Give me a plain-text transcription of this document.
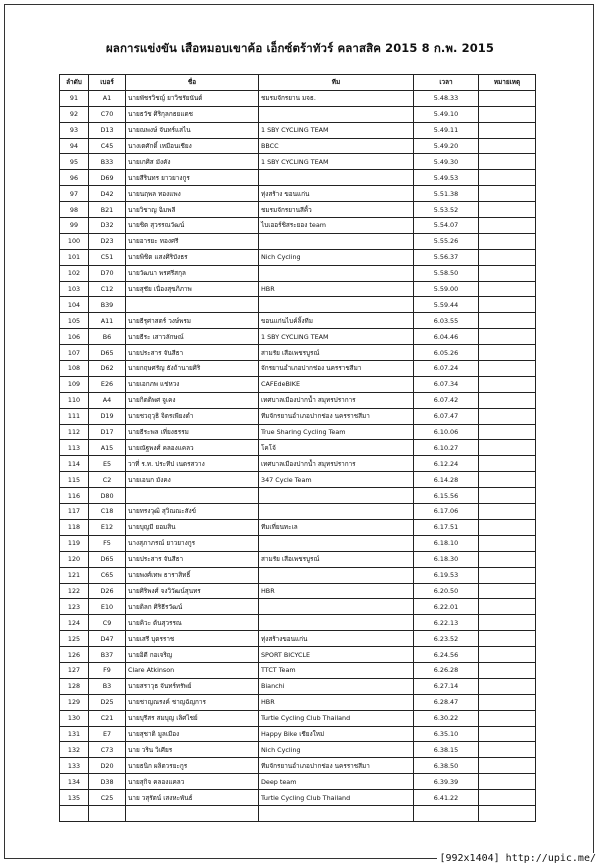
ผลการแข่งขัน เสือหมอบเขาค้อ เอ็กซ์ตร้าทัวร์ คลาสสิค 2015 8 ก.พ. 2015
ลำดับ	เบอร์	ชื่อ	ทีม	เวลา	หมายเหตุ
91	A1	นายพัชรวิชญ์ ยาวิชรัยนันต์	ชมรมจักรยาน มจธ.	5.48.33	
92	C70	นายธวัช ศิริกุลกธยแดช		5.49.10	
93	D13	นายณพงษ์ จันทร์แสไน	1 SBY CYCLING TEAM	5.49.11	
94	C45	นางเตศักดิ์ เหมือนเชียง	BBCC	5.49.20	
95	B33	นายเกศิส มังคัง	1 SBY CYCLING TEAM	5.49.30	
96	D69	นายสีรินทร ยาวยางกูร		5.49.53	
97	D42	นายนฤพล ทองแพง	ทุ่งสร้าง ขอนแก่น	5.51.38	
98	B21	นายวิชาญ ฉิมพลี	ชมรมจักรยานสีคิ้ว	5.53.52	
99	D32	นายชิต สุวรรณวัฒน์	ไบเออร์ชิสระยอง team	5.54.07	
100	D23	นายอารยะ ทองศรี		5.55.26	
101	C51	นายพิชิต แสงศิริบังธร	Nich Cycling	5.56.37	
102	D70	นายวัฒนา พรศรีสกุล		5.58.50	
103	C12	นายสุชัย เนื่องสุขภิภาพ	HBR	5.59.00	
104	B39			5.59.44	
105	A11	นายธีรุศาสตร์ วงษ์พรม	ขอนแก่นไบค์ลิ้งทีม	6.03.55	
106	B6	นายธีระ เสาวลักษณ์	1 SBY CYCLING TEAM	6.04.46	
107	D65	นายประสาร จันสีธา	สามรัย เสือเพชรบูรณ์	6.05.26	
108	D62	นายกฤษศรัญ ธังถ้านายศิริ	จักรยานอำเภอปากช่อง นครราชสีมา	6.07.24	
109	E26	นายเอกภพ แช่หวง	CAFEdeBIKE	6.07.34	
110	A4	นายกิตติพศ จูเคง	เทศบาลเมืองปากน้ำ สมุทรปราการ	6.07.42	
111	D19	นายชวฤวุธิ จิตรเพียงตำ	ทีมจักรยานอำเภอปากช่อง นครราชสีมา	6.07.47	
112	D17	นายธีระพล เที่ยงธรรม	True Sharing Cycling Team	6.10.06	
113	A15	นายณัฐพงศ์ คลองแคลว	โคโจ้	6.10.27	
114	E5	วาที่ ร.ท. ประทีป เนตรสวาง	เทศบาลเมืองปากน้ำ สมุทรปราการ	6.12.24	
115	C2	นายเอนก มังคง	347 Cycle Team	6.14.28	
116	D80			6.15.56	
117	C18	นายทรงวุฒิ สุวิณณะสังข์		6.17.06	
118	E12	นายบุญมี ยอมสิน	ทีมเที่ยนทะเล	6.17.51	
119	F5	นางสุภาภรณ์ ยาวยางกูร		6.18.10	
120	D65	นายประสาร จันสีธา	สามรัย เสือเพชรบูรณ์	6.18.30	
121	C65	นายพงศ์เทพ ธาราสิทธิ์		6.19.53	
122	D26	นายศิริพงศ์ จงวิวัฒน์สุนทร	HBR	6.20.50	
123	E10	นายดิลก ศิริธีรวัฒน์		6.22.01	
124	C9	นายคิวะ ต้นสุวรรณ		6.22.13	
125	D47	นายเสรี บุตรราช	ทุ่งสร้างขอนแก่น	6.23.52	
126	B37	นายอิดี กอเจริญ	SPORT BICYCLE	6.24.56	
127	F9	Clare Atkinson	TTCT Team	6.26.28	
128	B3	นายสราวุธ จันทร์ทรัพย์	Bianchi	6.27.14	
129	D25	นายชาญณรงค์ ชาญฉัญการ	HBR	6.28.47	
130	C21	นายบุรีสร สมบุญ เลิศไชย์	Turtle Cycling Club Thailand	6.30.22	
131	E7	นายสุชาติ มูลเมือง	Happy Bike เชียงใหม่	6.35.10	
132	C73	นาย วริน วิเศียร	Nich Cycling	6.38.15	
133	D20	นายธนิก ผลิตวรยะกูร	ทีมจักรยานอำเภอปากช่อง นครราชสีมา	6.38.50	
134	D38	นายสุกิจ คลองแคลว	Deep team	6.39.39	
135	C25	นาย วสุรัตน์ เสงหะพันธ์	Turtle Cycling Club Thailand	6.41.22	

[992x1404] http://upic.me/
